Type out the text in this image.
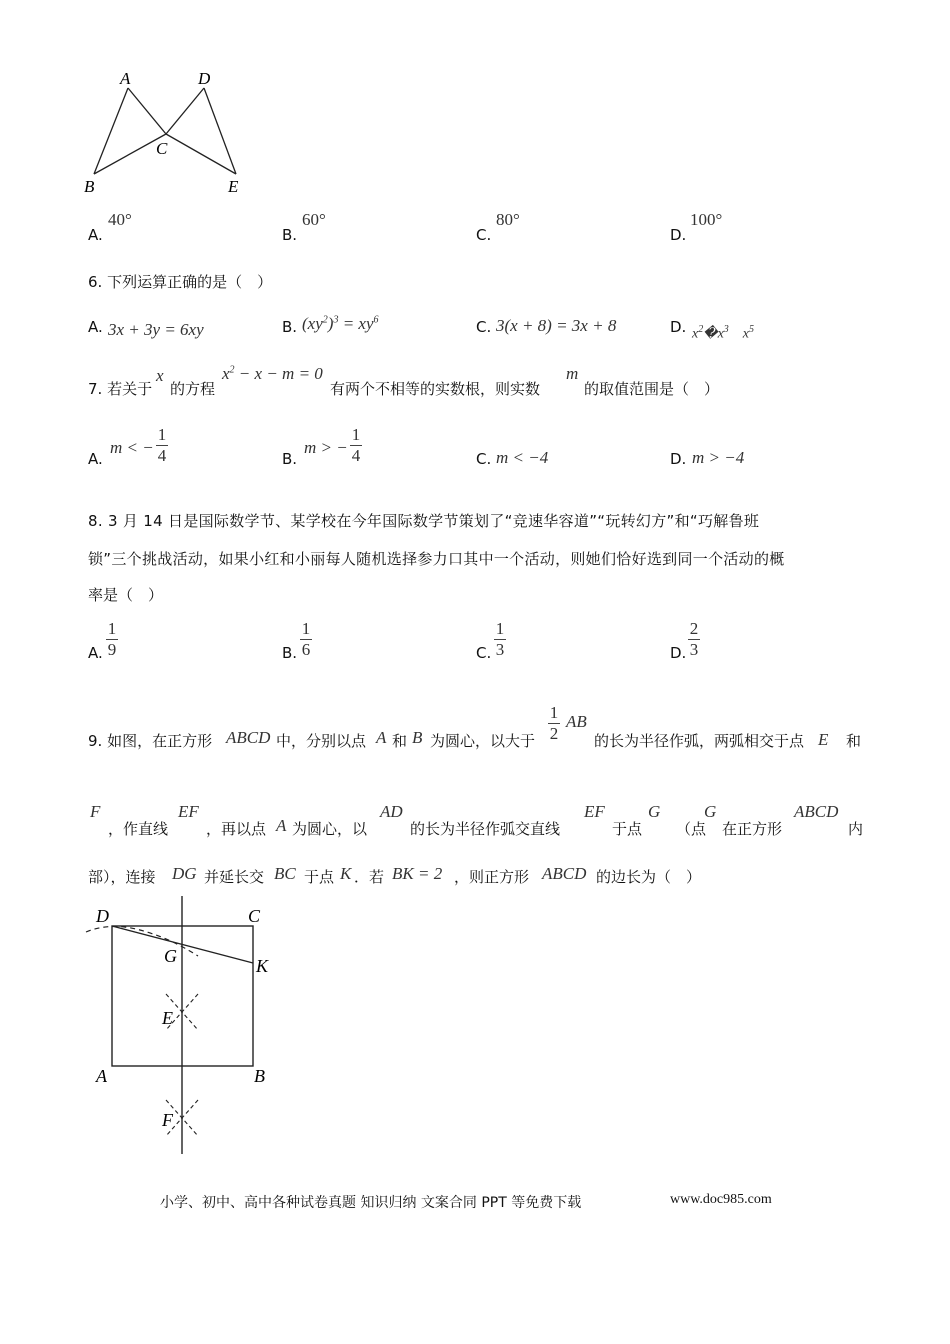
A	D
C
B	E
A.
40°
B.
60°
C.
80°
D.
100°
6. 下列运算正确的是（　）
A. 3x + 3y = 6xy	B. $(xy^2)^3 = xy^6$	C. 3(x + 8) = 3x + 8	D. $x^2�x^3$ $x^5$
7. 若关于
x
的方程
$x^2 - x - m = 0$
有两个不相等的实数根，则实数
m
的取值范围是（　）
A.
m < −
1
4	B.
m > −
1
4	C. m < −4	D. m > −4
8. 3 月 14 日是国际数学节、某学校在今年国际数学节策划了“竞速华容道”“玩转幻方”和“巧解鲁班
锁”三个挑战活动，如果小红和小丽每人随机选择参力口其中一个活动，则她们恰好选到同一个活动的概
率是（　）
A.
1
9	B.
1
6	C.
1
3	D.
2
3
9. 如图，在正方形 ABCD 中，分别以点 A 和 B 为圆心，以大于
1
2
AB
的长为半径作弧，两弧相交于点 E 和
F
，作直线
EF
，再以点 A 为圆心，以
AD
的长为半径作弧交直线
EF
于点
G
（点
G
在正方形
ABCD
内
部），连接 DG 并延长交 BC 于点 K ．若 BK = 2 ，则正方形 ABCD 的边长为（　）
D	C
G	K
E
A	B
F
小学、初中、高中各种试卷真题 知识归纳 文案合同 PPT 等免费下载	www.doc985.com
